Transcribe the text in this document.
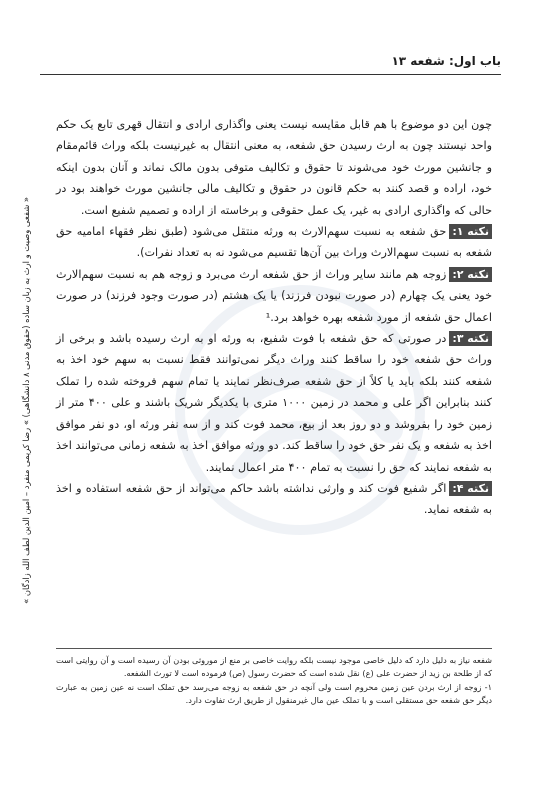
باب اول: شفعه ۱۳
« شفعی وصیت و ارث به زبان ساده (حقوق مدنی ۸ دانشگاهی) » رضا کریمی منفرد – امین الدین لطف الله زادگان »

چون این دو موضوع با هم قابل مقایسه نیست یعنی واگذاری ارادی و انتقال قهری تابع یک حکم واحد نیستند چون به ارث رسیدن حق شفعه، به معنی انتقال به غیرنیست بلکه وراث قائم‌مقام و جانشین مورث خود می‌شوند تا حقوق و تکالیف متوفی بدون مالک نماند و آنان بدون اینکه خود، اراده و قصد کنند به حکم قانون در حقوق و تکالیف مالی جانشین مورث خواهند بود در حالی که واگذاری ارادی به غیر، یک عمل حقوقی و برخاسته از اراده و تصمیم شفیع است.

نکته ۱:حق شفعه به نسبت سهم‌الارث به ورثه منتقل می‌شود (طبق نظر فقهاء امامیه حق شفعه به نسبت سهم‌الارث وراث بین آن‌ها تقسیم می‌شود نه به تعداد نفرات).

نکته ۲:زوجه هم مانند سایر وراث از حق شفعه ارث می‌برد و زوجه هم به نسبت سهم‌الارث خود یعنی یک چهارم (در صورت نبودن فرزند) یا یک هشتم (در صورت وجود فرزند) در صورت اعمال حق شفعه از مورد شفعه بهره خواهد برد.¹

نکته ۳:در صورتی که حق شفعه با فوت شفیع، به ورثه او به ارث رسیده باشد و برخی از وراث حق شفعه خود را ساقط کنند وراث دیگر نمی‌توانند فقط نسبت به سهم خود اخذ به شفعه کنند بلکه باید یا کلاً از حق شفعه صرف‌نظر نمایند یا تمام سهم فروخته شده را تملک کنند بنابراین اگر علی و محمد در زمین ۱۰۰۰ متری با یکدیگر شریک باشند و علی ۴۰۰ متر از زمین خود را بفروشد و دو روز بعد از بیع، محمد فوت کند و از سه نفر ورثه او، دو نفر موافق اخذ به شفعه و یک نفر حق خود را ساقط کند. دو ورثه موافق اخذ به شفعه زمانی می‌توانند اخذ به شفعه نمایند که حق را نسبت به تمام ۴۰۰ متر اعمال نمایند.

نکته ۴:اگر شفیع فوت کند و وارثی نداشته باشد حاکم می‌تواند از حق شفعه استفاده و اخذ به شفعه نماید.

شفعه نیاز به دلیل دارد که دلیل خاصی موجود نیست بلکه روایت خاصی بر منع از موروثی بودن آن رسیده است و آن روایتی است که از طلحة بن زید از حضرت علی (ع) نقل شده است که حضرت رسول (ص) فرموده است لا تورث الشفعه.

۱- زوجه از ارث بردن عین زمین محروم است ولی آنچه در حق شفعه به زوجه می‌رسد حق تملک است نه عین زمین به عبارت دیگر حق شفعه حق مستقلی است و با تملک عین مال غیرمنقول از طریق ارث تفاوت دارد.
